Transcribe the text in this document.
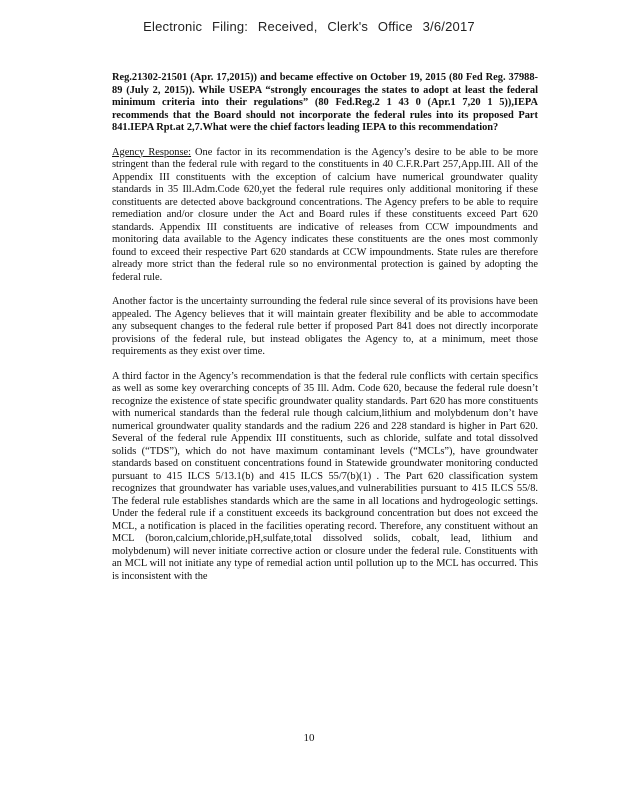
Electronic Filing: Received, Clerk's Office 3/6/2017

Reg.21302-21501 (Apr. 17,2015)) and became effective on October 19, 2015 (80 Fed Reg. 37988-89 (July 2, 2015)). While USEPA “strongly encourages the states to adopt at least the federal minimum criteria into their regulations” (80 Fed.Reg.2 1 43 0 (Apr.1 7,20 1 5)),IEPA recommends that the Board should not incorporate the federal rules into its proposed Part 841.IEPA Rpt.at 2,7.What were the chief factors leading IEPA to this recommendation?

Agency Response: One factor in its recommendation is the Agency’s desire to be able to be more stringent than the federal rule with regard to the constituents in 40 C.F.R.Part 257,App.III. All of the Appendix III constituents with the exception of calcium have numerical groundwater quality standards in 35 Ill.Adm.Code 620,yet the federal rule requires only additional monitoring if these constituents are detected above background concentrations. The Agency prefers to be able to require remediation and/or closure under the Act and Board rules if these constituents exceed Part 620 standards. Appendix III constituents are indicative of releases from CCW impoundments and monitoring data available to the Agency indicates these constituents are the ones most commonly found to exceed their respective Part 620 standards at CCW impoundments. State rules are therefore already more strict than the federal rule so no environmental protection is gained by adopting the federal rule.

Another factor is the uncertainty surrounding the federal rule since several of its provisions have been appealed. The Agency believes that it will maintain greater flexibility and be able to accommodate any subsequent changes to the federal rule better if proposed Part 841 does not directly incorporate provisions of the federal rule, but instead obligates the Agency to, at a minimum, meet those requirements as they exist over time.

A third factor in the Agency’s recommendation is that the federal rule conflicts with certain specifics as well as some key overarching concepts of 35 Ill. Adm. Code 620, because the federal rule doesn’t recognize the existence of state specific groundwater quality standards. Part 620 has more constituents with numerical standards than the federal rule though calcium,lithium and molybdenum don’t have numerical groundwater quality standards and the radium 226 and 228 standard is higher in Part 620. Several of the federal rule Appendix III constituents, such as chloride, sulfate and total dissolved solids (“TDS”), which do not have maximum contaminant levels (“MCLs”), have groundwater standards based on constituent concentrations found in Statewide groundwater monitoring conducted pursuant to 415 ILCS 5/13.1(b) and 415 ILCS 55/7(b)(1) . The Part 620 classification system recognizes that groundwater has variable uses,values,and vulnerabilities pursuant to 415 ILCS 55/8. The federal rule establishes standards which are the same in all locations and hydrogeologic settings. Under the federal rule if a constituent exceeds its background concentration but does not exceed the MCL, a notification is placed in the facilities operating record. Therefore, any constituent without an MCL (boron,calcium,chloride,pH,sulfate,total dissolved solids, cobalt, lead, lithium and molybdenum) will never initiate corrective action or closure under the federal rule. Constituents with an MCL will not initiate any type of remedial action until pollution up to the MCL has occurred. This is inconsistent with the

10
